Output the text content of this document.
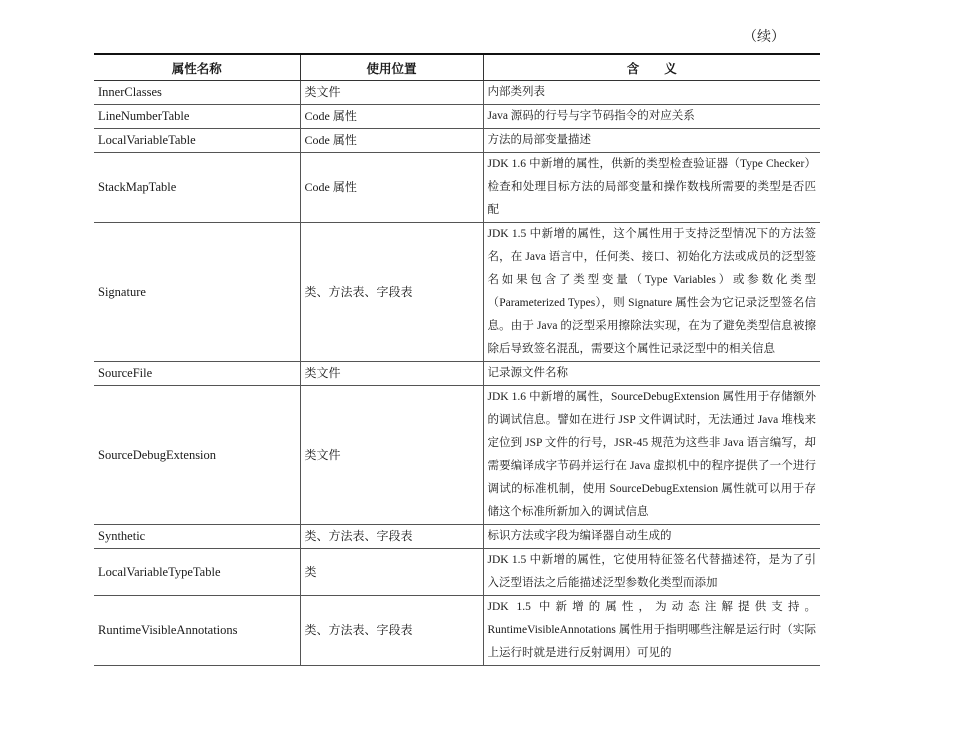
（续）
属性名称	使用位置	含　　义
InnerClasses	类文件	内部类列表
LineNumberTable	Code 属性	Java 源码的行号与字节码指令的对应关系
LocalVariableTable	Code 属性	方法的局部变量描述
StackMapTable	Code 属性	JDK 1.6 中新增的属性，供新的类型检查验证器（Type Checker）检查和处理目标方法的局部变量和操作数栈所需要的类型是否匹配
Signature	类、方法表、字段表	JDK 1.5 中新增的属性，这个属性用于支持泛型情况下的方法签名，在 Java 语言中，任何类、接口、初始化方法或成员的泛型签名如果包含了类型变量（Type Variables）或参数化类型（Parameterized Types），则 Signature 属性会为它记录泛型签名信息。由于 Java 的泛型采用擦除法实现，在为了避免类型信息被擦除后导致签名混乱，需要这个属性记录泛型中的相关信息
SourceFile	类文件	记录源文件名称
SourceDebugExtension	类文件	JDK 1.6 中新增的属性，SourceDebugExtension 属性用于存储额外的调试信息。譬如在进行 JSP 文件调试时，无法通过 Java 堆栈来定位到 JSP 文件的行号，JSR-45 规范为这些非 Java 语言编写，却需要编译成字节码并运行在 Java 虚拟机中的程序提供了一个进行调试的标准机制，使用 SourceDebugExtension 属性就可以用于存储这个标准所新加入的调试信息
Synthetic	类、方法表、字段表	标识方法或字段为编译器自动生成的
LocalVariableTypeTable	类	JDK 1.5 中新增的属性，它使用特征签名代替描述符，是为了引入泛型语法之后能描述泛型参数化类型而添加
RuntimeVisibleAnnotations	类、方法表、字段表	JDK 1.5 中新增的属性，为动态注解提供支持。RuntimeVisibleAnnotations 属性用于指明哪些注解是运行时（实际上运行时就是进行反射调用）可见的
